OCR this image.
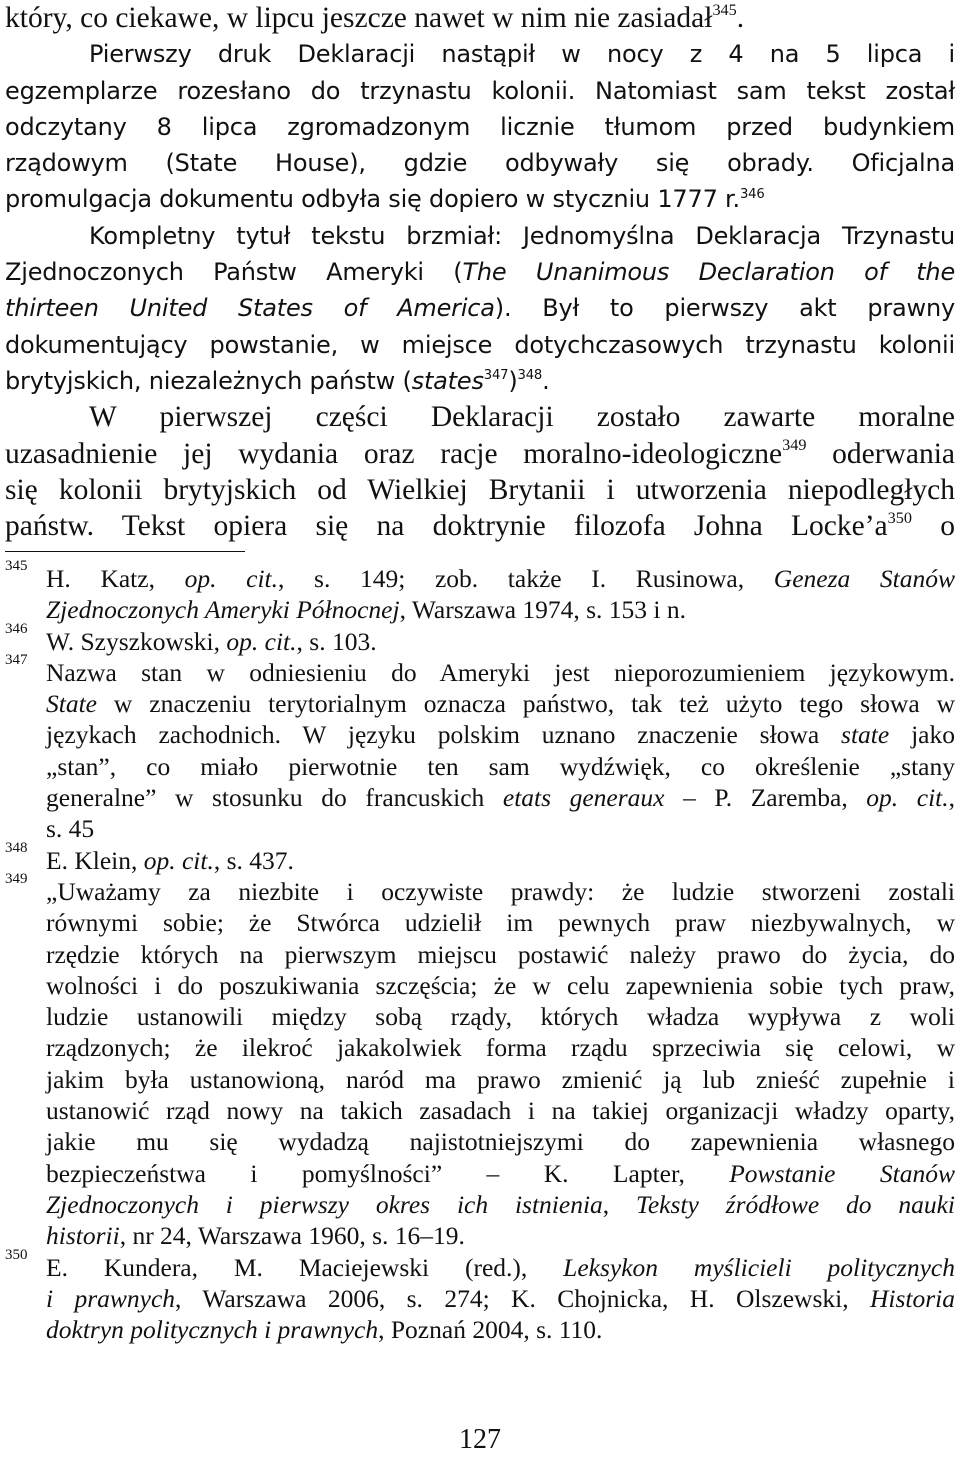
który, co ciekawe, w lipcu jeszcze nawet w nim nie zasiadał$^{345}$.
Pierwszy druk Deklaracji nastąpił w nocy z 4 na 5 lipca i
egzemplarze rozesłano do trzynastu kolonii. Natomiast sam tekst został
odczytany 8 lipca zgromadzonym licznie tłumom przed budynkiem
rządowym (State House), gdzie odbywały się obrady. Oficjalna
promulgacja dokumentu odbyła się dopiero w styczniu 1777 r.$^{346}$
Kompletny tytuł tekstu brzmiał: Jednomyślna Deklaracja Trzynastu
Zjednoczonych Państw Ameryki (The Unanimous Declaration of the
thirteen United States of America). Był to pierwszy akt prawny
dokumentujący powstanie, w miejsce dotychczasowych trzynastu kolonii
brytyjskich, niezależnych państw (states$^{347}$)$^{348}$.
W pierwszej części Deklaracji zostało zawarte moralne
uzasadnienie jej wydania oraz racje moralno-ideologiczne$^{349}$ oderwania
się kolonii brytyjskich od Wielkiej Brytanii i utworzenia niepodległych
państw. Tekst opiera się na doktrynie filozofa Johna $Locke’a^{350}$ o
345 H. Katz, op. cit., s. 149; zob. także I. Rusinowa, Geneza Stanów
Zjednoczonych Ameryki Północnej, Warszawa 1974, s. 153 i n.
346 W. Szyszkowski, op. cit., s. 103.
347 Nazwa stan w odniesieniu do Ameryki jest nieporozumieniem językowym.
State w znaczeniu terytorialnym oznacza państwo, tak też użyto tego słowa w
językach zachodnich. W języku polskim uznano znaczenie słowa state jako
„stan”, co miało pierwotnie ten sam wydźwięk, co określenie „stany
generalne” w stosunku do francuskich etats generaux – P. Zaremba, op. cit.,
s. 45
348 E. Klein, op. cit., s. 437.
349 „Uważamy za niezbite i oczywiste prawdy: że ludzie stworzeni zostali
równymi sobie; że Stwórca udzielił im pewnych praw niezbywalnych, w
rzędzie których na pierwszym miejscu postawić należy prawo do życia, do
wolności i do poszukiwania szczęścia; że w celu zapewnienia sobie tych praw,
ludzie ustanowili między sobą rządy, których władza wypływa z woli
rządzonych; że ilekroć jakakolwiek forma rządu sprzeciwia się celowi, w
jakim była ustanowioną, naród ma prawo zmienić ją lub znieść zupełnie i
ustanowić rząd nowy na takich zasadach i na takiej organizacji władzy oparty,
jakie mu się wydadzą najistotniejszymi do zapewnienia własnego
bezpieczeństwa i pomyślności” – K. Lapter, Powstanie Stanów
Zjednoczonych i pierwszy okres ich istnienia, Teksty źródłowe do nauki
historii, nr 24, Warszawa 1960, s. 16–19.
350 E. Kundera, M. Maciejewski (red.), Leksykon myślicieli politycznych
i prawnych, Warszawa 2006, s. 274; K. Chojnicka, H. Olszewski, Historia
doktryn politycznych i prawnych, Poznań 2004, s. 110.
127
